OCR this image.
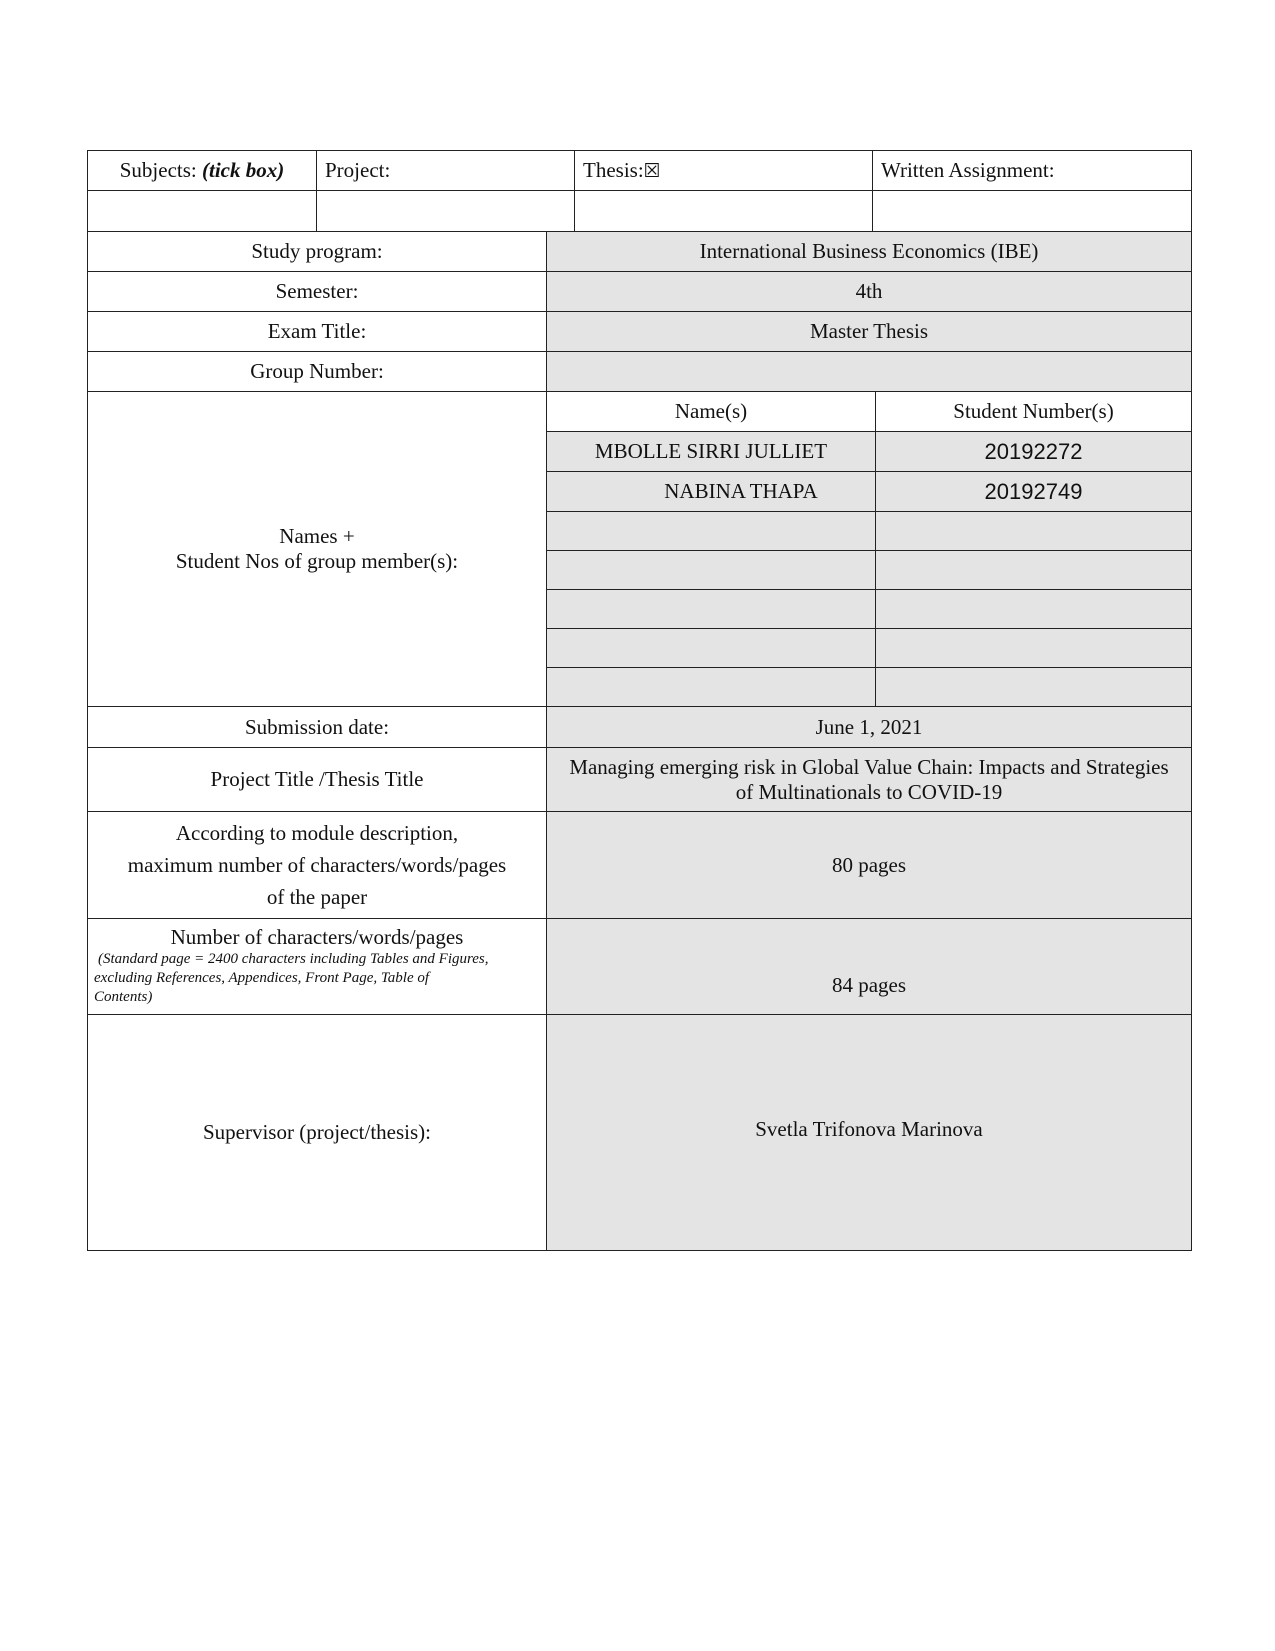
Subjects: (tick box)	Project:	Thesis:☒	Written Assignment:

Study program:	International Business Economics (IBE)	
Semester:	4th	
Exam Title:	Master Thesis	
Group Number:		

Names +
Student Nos of group member(s):	Name(s)	Student Number(s)
	MBOLLE SIRRI JULLIET	20192272
	NABINA THAPA	20192749

Submission date:	June 1, 2021	
Project Title /Thesis Title	Managing emerging risk in Global Value Chain: Impacts and Strategies
of Multinationals to COVID-19	

According to module description,
maximum number of characters/words/pages
of the paper	80 pages	

Number of characters/words/pages
(Standard page = 2400 characters including Tables and Figures,
excluding References, Appendices, Front Page, Table of
Contents)	84 pages	
Supervisor (project/thesis):	Svetla Trifonova Marinova	
